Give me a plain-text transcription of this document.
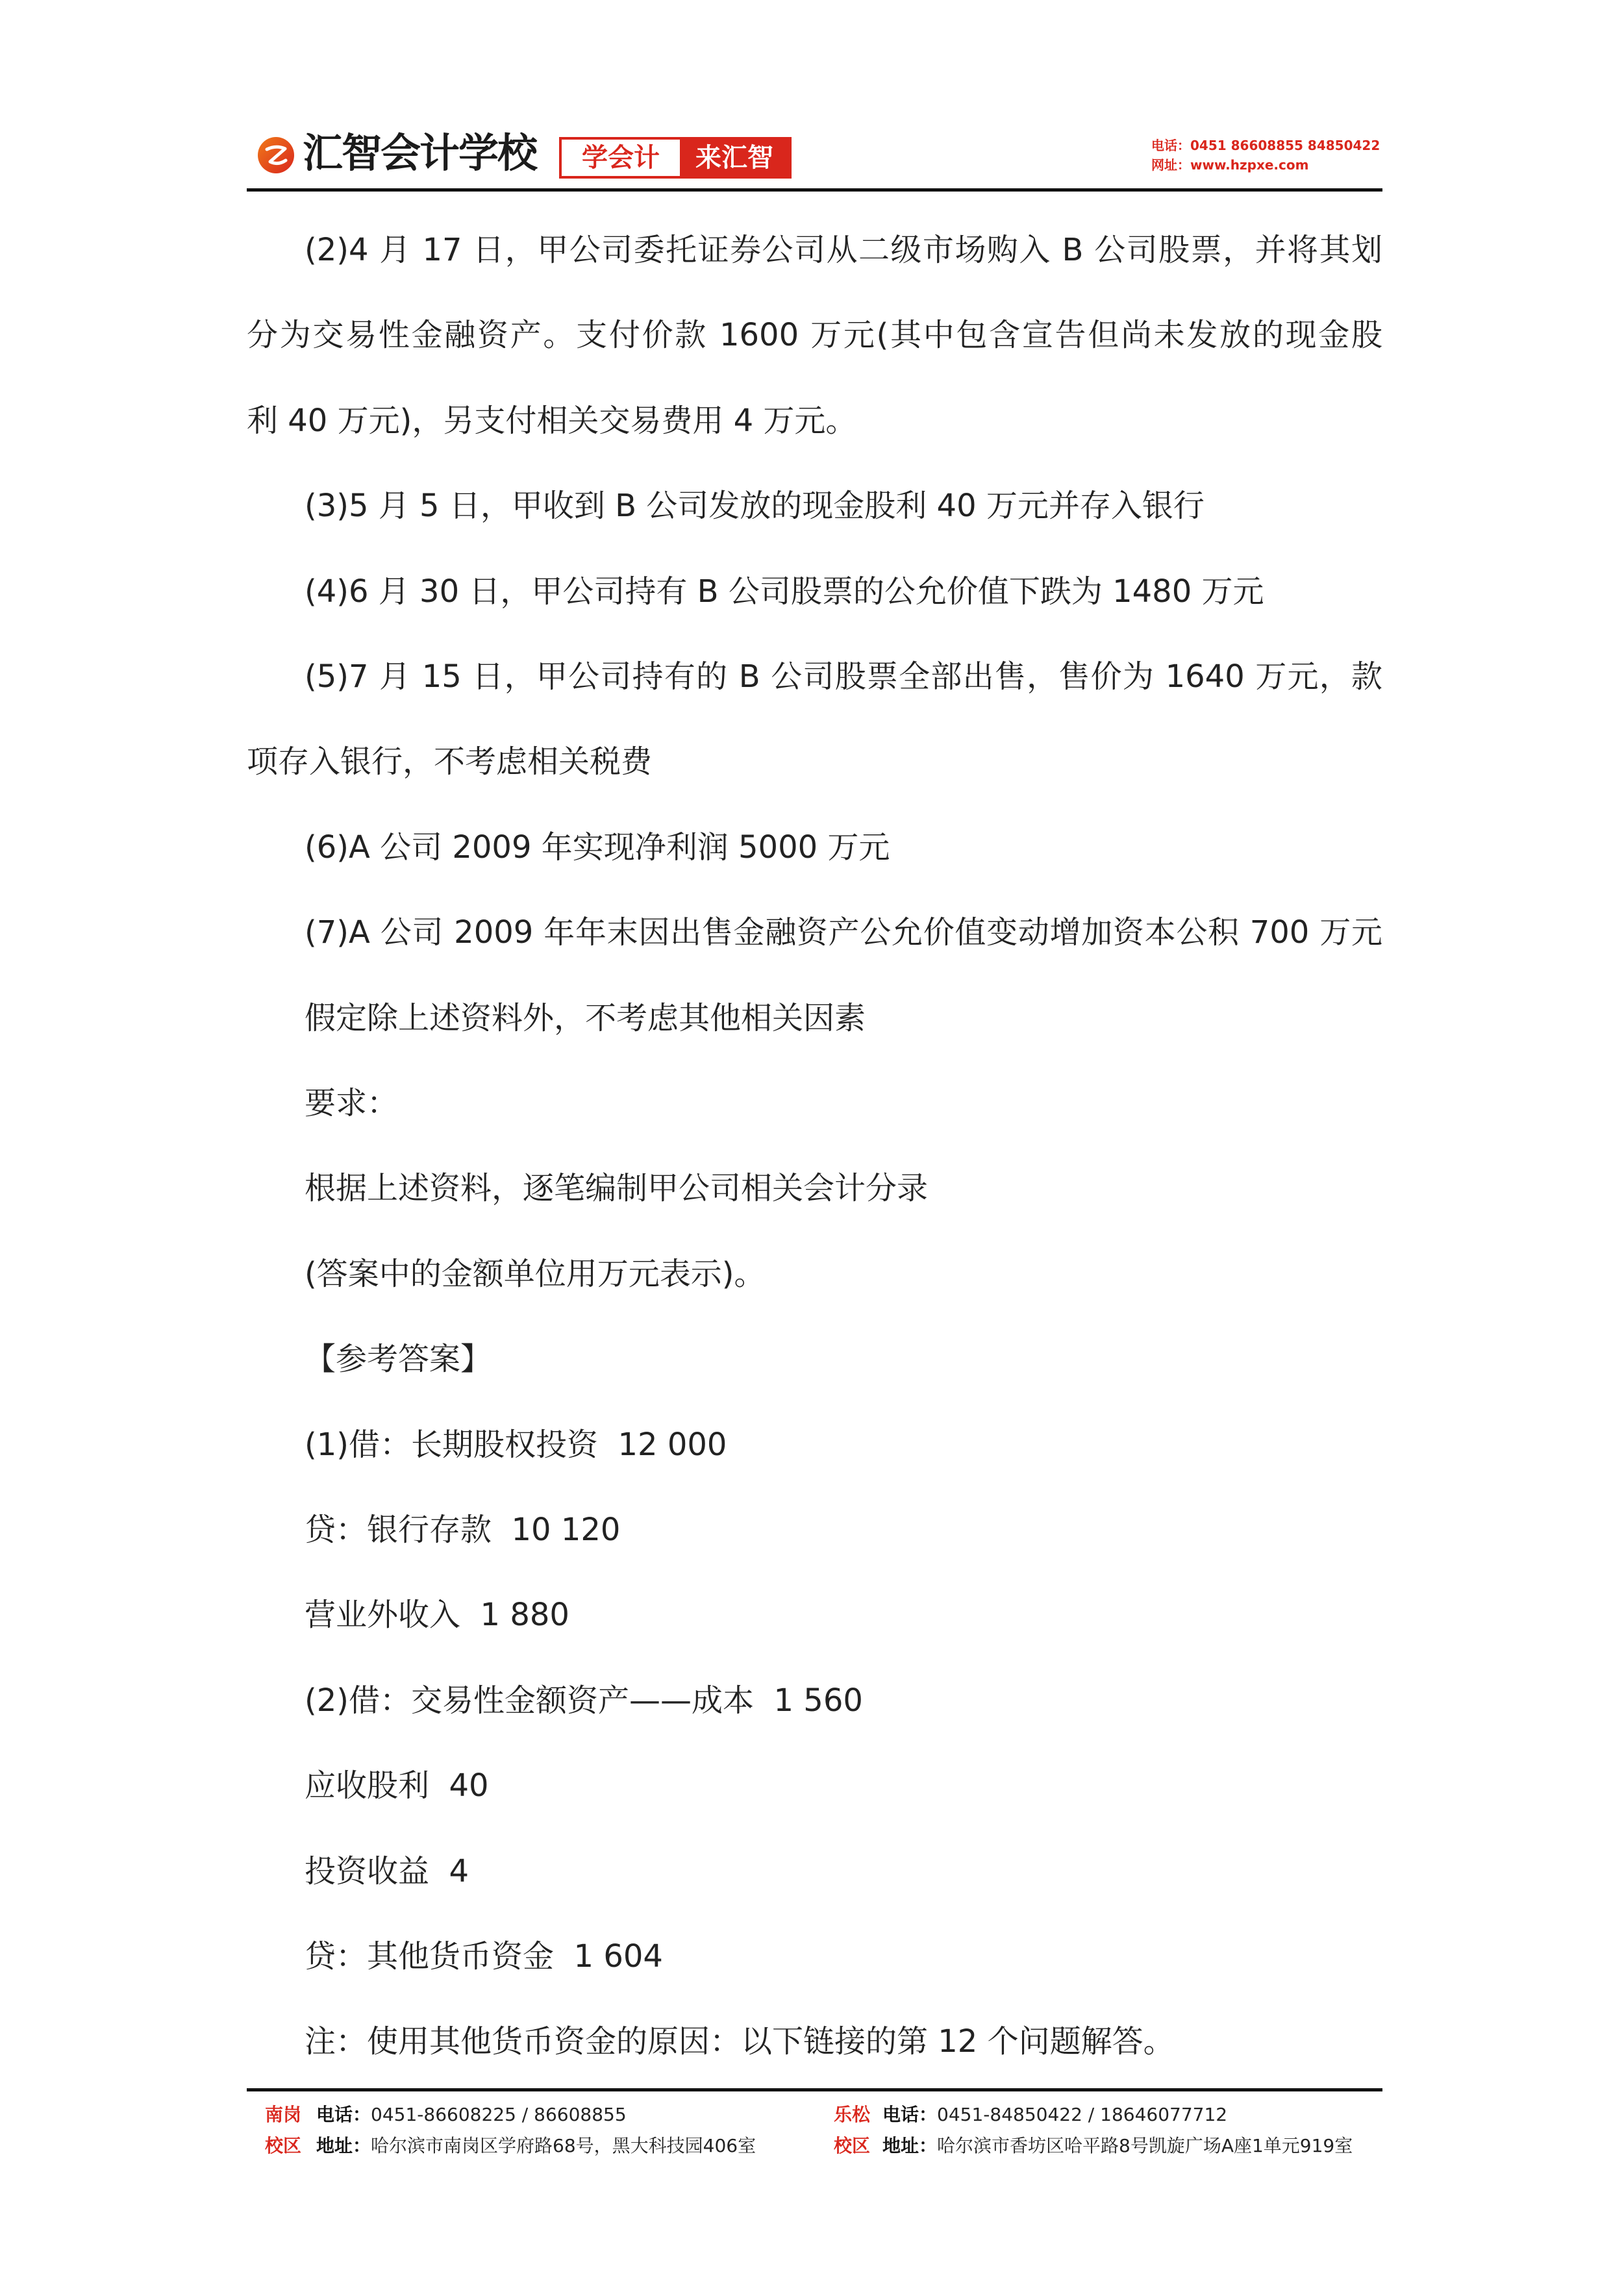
汇智会计学校	学会计	来汇智	电话：0451 86608855 84850422
网址：www.hzpxe.com
(2)4 月 17 日，甲公司委托证券公司从二级市场购入 B 公司股票，并将其划
分为交易性金融资产。支付价款 1600 万元(其中包含宣告但尚未发放的现金股
利 40 万元)，另支付相关交易费用 4 万元。
(3)5 月 5 日，甲收到 B 公司发放的现金股利 40 万元并存入银行
(4)6 月 30 日，甲公司持有 B 公司股票的公允价值下跌为 1480 万元
(5)7 月 15 日，甲公司持有的 B 公司股票全部出售，售价为 1640 万元，款
项存入银行，不考虑相关税费
(6)A 公司 2009 年实现净利润 5000 万元
(7)A 公司 2009 年年末因出售金融资产公允价值变动增加资本公积 700 万元
假定除上述资料外，不考虑其他相关因素
要求：
根据上述资料，逐笔编制甲公司相关会计分录
(答案中的金额单位用万元表示)。
【参考答案】
(1)借：长期股权投资  12 000
贷：银行存款  10 120
营业外收入  1 880
(2)借：交易性金额资产——成本  1 560
应收股利  40
投资收益  4
贷：其他货币资金  1 604
注：使用其他货币资金的原因：以下链接的第 12 个问题解答。
南岗 电话： 0451-86608225 / 86608855
校区 地址： 哈尔滨市南岗区学府路68号，黑大科技园406室
乐松 电话： 0451-84850422 / 18646077712
校区 地址： 哈尔滨市香坊区哈平路8号凯旋广场A座1单元919室
